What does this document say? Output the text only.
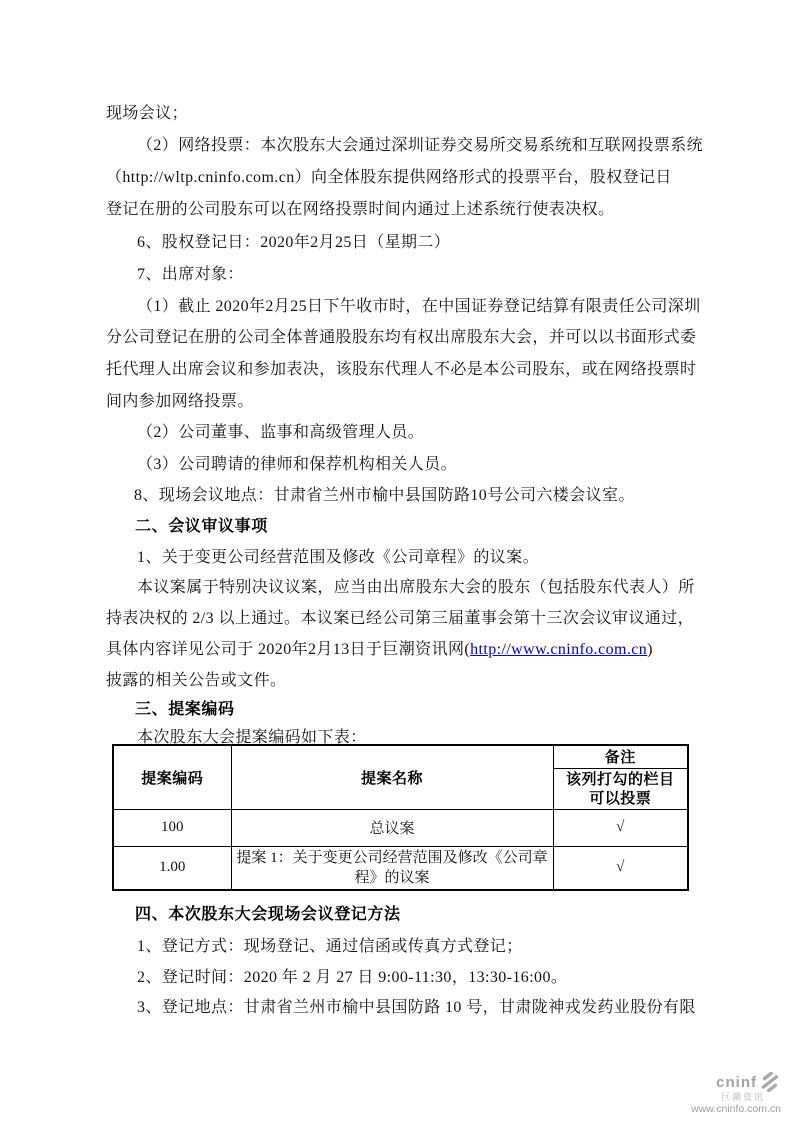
现场会议；
（2）网络投票：本次股东大会通过深圳证券交易所交易系统和互联网投票系统
（http://wltp.cninfo.com.cn）向全体股东提供网络形式的投票平台，股权登记日
登记在册的公司股东可以在网络投票时间内通过上述系统行使表决权。
6、股权登记日：2020年2月25日（星期二）
7、出席对象：
（1）截止 2020年2月25日下午收市时，在中国证券登记结算有限责任公司深圳
分公司登记在册的公司全体普通股股东均有权出席股东大会，并可以以书面形式委
托代理人出席会议和参加表决，该股东代理人不必是本公司股东，或在网络投票时
间内参加网络投票。
（2）公司董事、监事和高级管理人员。
（3）公司聘请的律师和保荐机构相关人员。
8、现场会议地点：甘肃省兰州市榆中县国防路10号公司六楼会议室。
二、会议审议事项
1、关于变更公司经营范围及修改《公司章程》的议案。
本议案属于特别决议议案，应当由出席股东大会的股东（包括股东代表人）所
持表决权的 2/3 以上通过。本议案已经公司第三届董事会第十三次会议审议通过，
具体内容详见公司于 2020年2月13日于巨潮资讯网(http://www.cninfo.com.cn)
披露的相关公告或文件。
三、提案编码
本次股东大会提案编码如下表：
提案编码	提案名称	备注

		该列打勾的栏目可以投票

100	总议案	√
1.00	提案 1：关于变更公司经营范围及修改《公司章程》的议案	√
四、本次股东大会现场会议登记方法
1、登记方式：现场登记、通过信函或传真方式登记；
2、登记时间：2020 年 2 月 27 日 9:00-11:30，13:30-16:00。
3、登记地点：甘肃省兰州市榆中县国防路 10 号，甘肃陇神戎发药业股份有限
cninf
巨潮资讯
www.cninfo.com.cn
